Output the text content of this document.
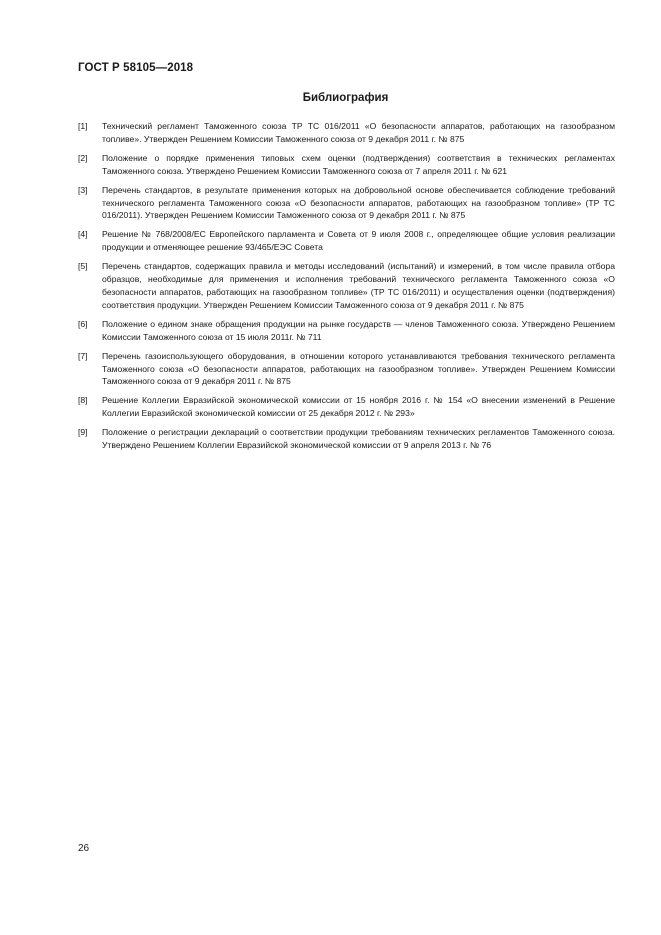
ГОСТ Р 58105—2018
Библиография
[1]	Технический регламент Таможенного союза ТР ТС 016/2011 «О безопасности аппаратов, работающих на газообразном топливе». Утвержден Решением Комиссии Таможенного союза от 9 декабря 2011 г. № 875
[2]	Положение о порядке применения типовых схем оценки (подтверждения) соответствия в технических регламентах Таможенного союза. Утверждено Решением Комиссии Таможенного союза от 7 апреля 2011 г. № 621
[3]	Перечень стандартов, в результате применения которых на добровольной основе обеспечивается соблюдение требований технического регламента Таможенного союза «О безопасности аппаратов, работающих на газообразном топливе» (ТР ТС 016/2011). Утвержден Решением Комиссии Таможенного союза от 9 декабря 2011 г. № 875
[4]	Решение № 768/2008/ЕС Европейского парламента и Совета от 9 июля 2008 г., определяющее общие условия реализации продукции и отменяющее решение 93/465/ЕЭС Совета
[5]	Перечень стандартов, содержащих правила и методы исследований (испытаний) и измерений, в том числе правила отбора образцов, необходимые для применения и исполнения требований технического регламента Таможенного союза «О безопасности аппаратов, работающих на газообразном топливе» (ТР ТС 016/2011) и осуществления оценки (подтверждения) соответствия продукции. Утвержден Решением Комиссии Таможенного союза от 9 декабря 2011 г. № 875
[6]	Положение о едином знаке обращения продукции на рынке государств — членов Таможенного союза. Утверждено Решением Комиссии Таможенного союза от 15 июля 2011г. № 711
[7]	Перечень газоиспользующего оборудования, в отношении которого устанавливаются требования технического регламента Таможенного союза «О безопасности аппаратов, работающих на газообразном топливе». Утвержден Решением Комиссии Таможенного союза от 9 декабря 2011 г. № 875
[8]	Решение Коллегии Евразийской экономической комиссии от 15 ноября 2016 г. № 154 «О внесении изменений в Решение Коллегии Евразийской экономической комиссии от 25 декабря 2012 г. № 293»
[9]	Положение о регистрации деклараций о соответствии продукции требованиям технических регламентов Таможенного союза. Утверждено Решением Коллегии Евразийской экономической комиссии от 9 апреля 2013 г. № 76
26
